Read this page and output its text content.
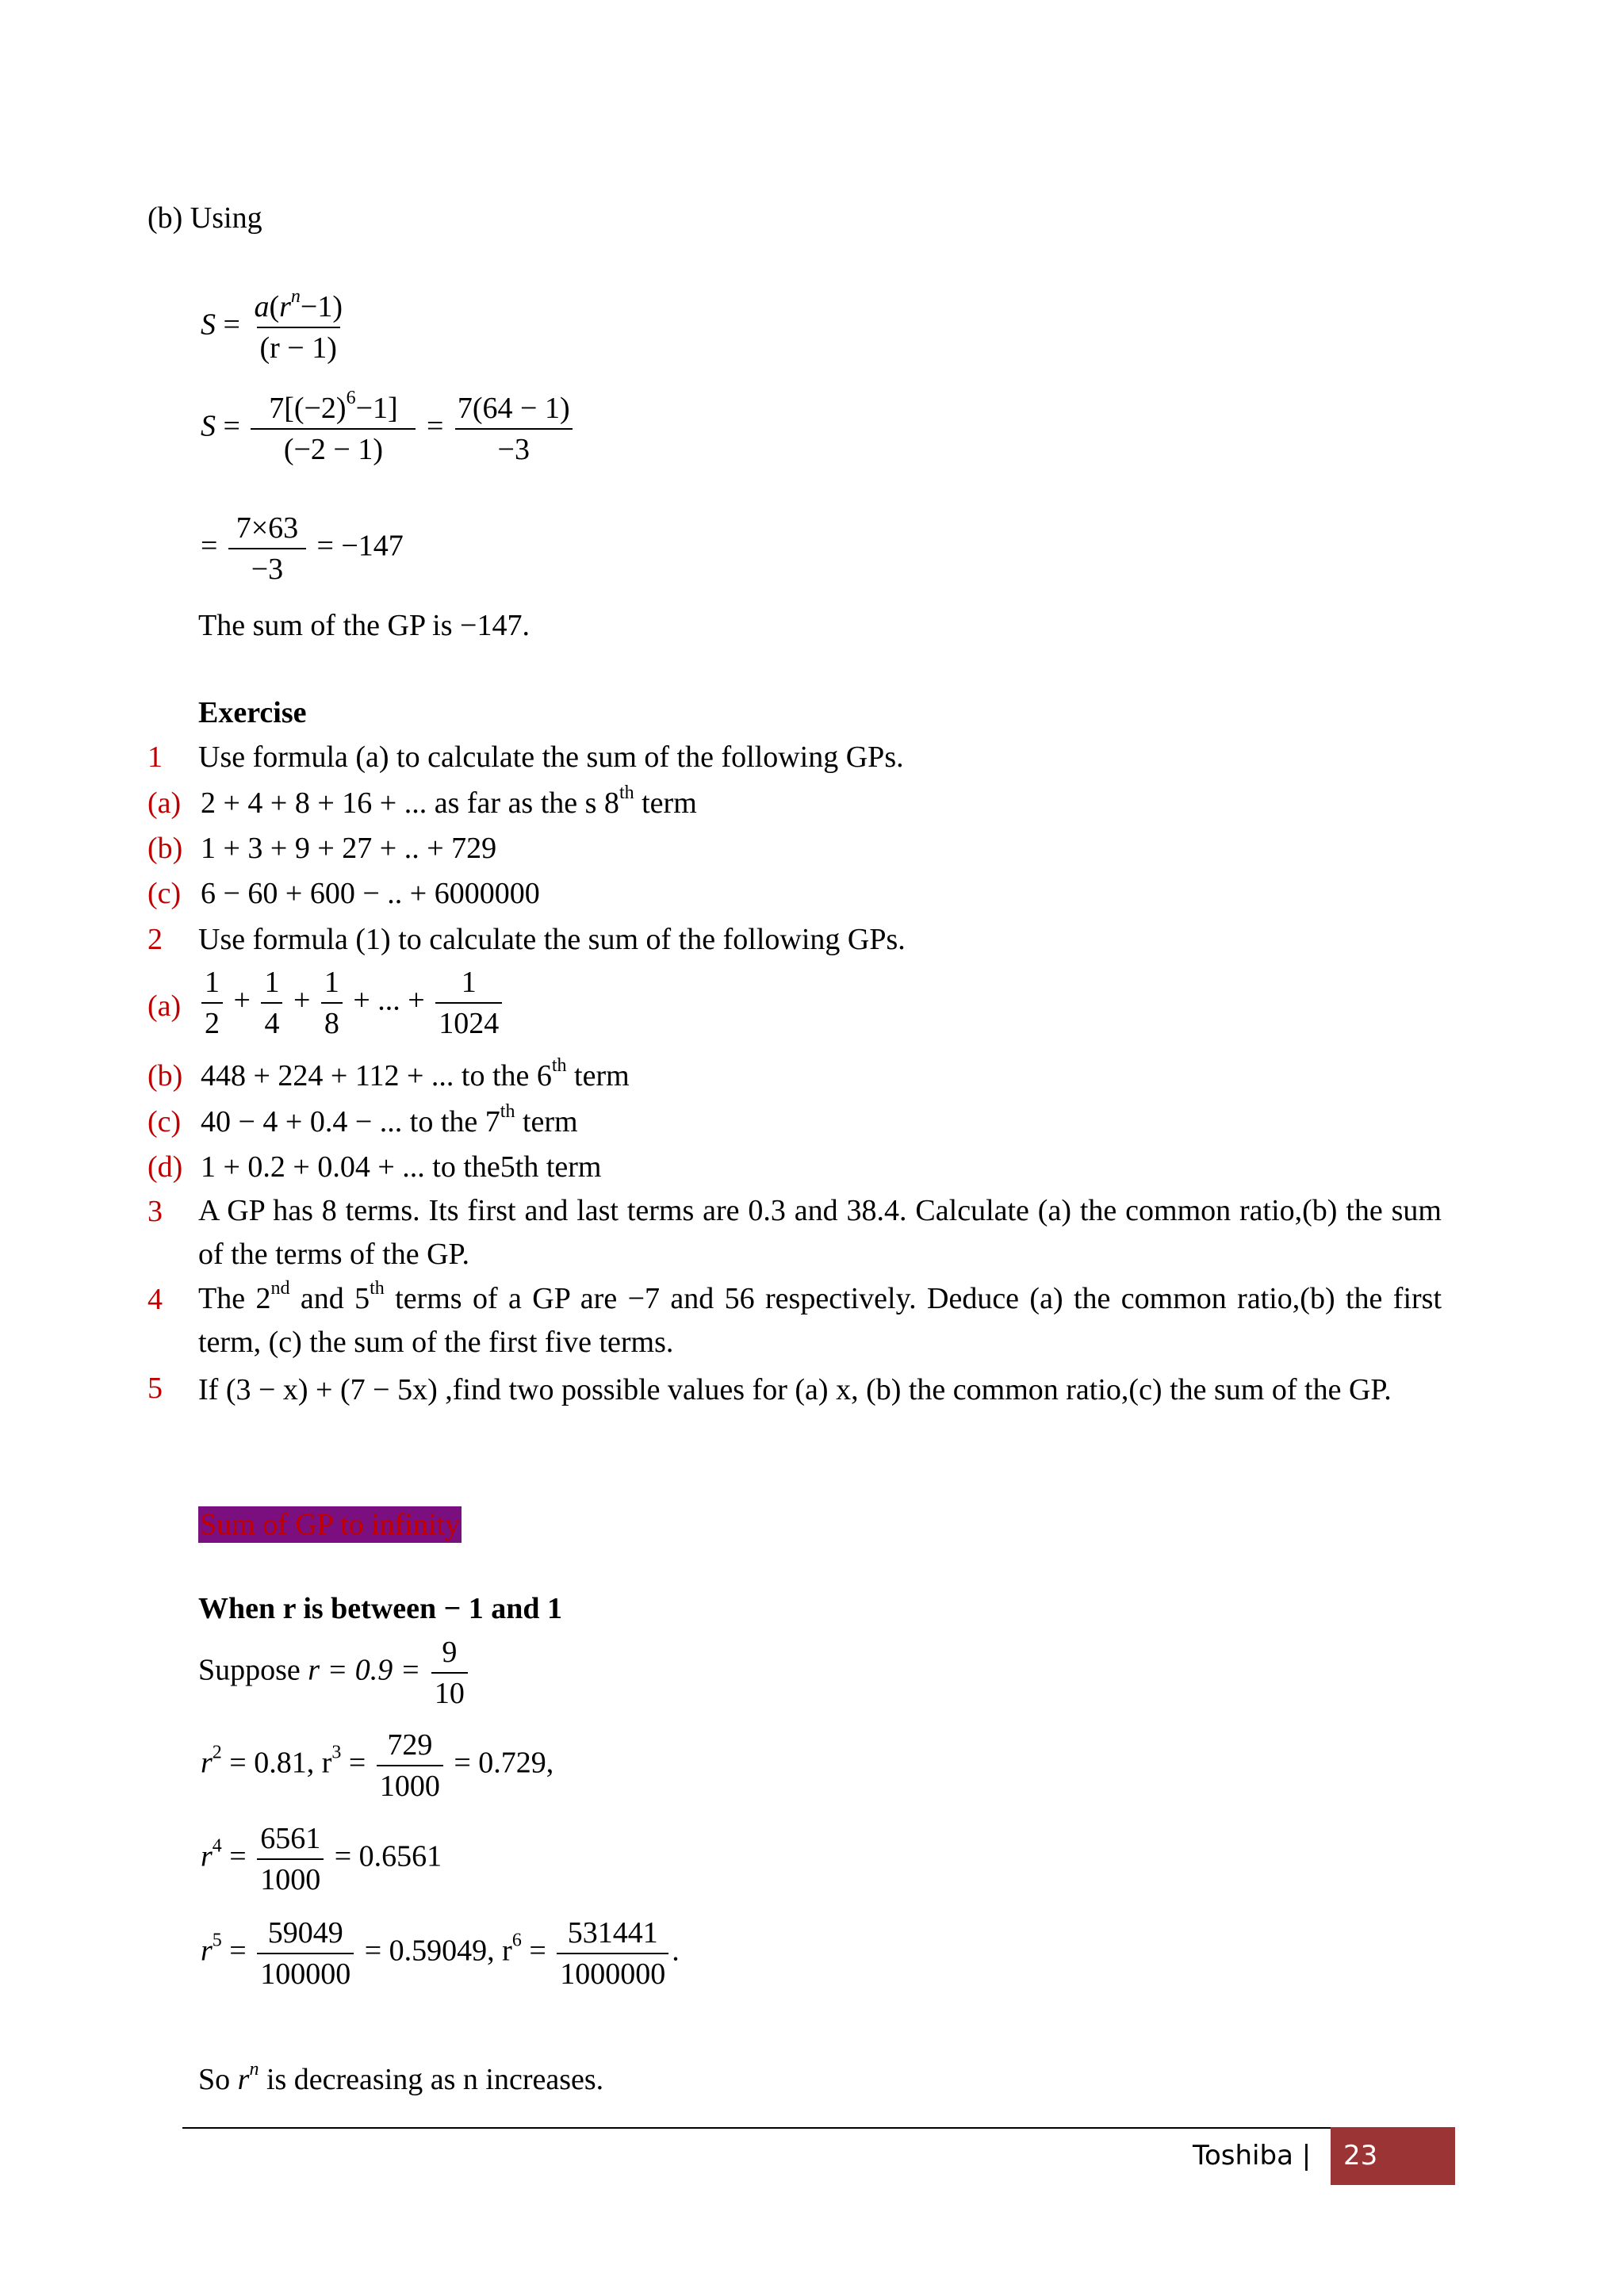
(b) Using
$S = \frac{a(r^n-1)}{(r - 1)}$
$S = \frac{7[(-2)^6-1]}{(-2 - 1)} = \frac{7(64 - 1)}{-3}$
= $\frac{7\times 63}{-3} = -147$
The sum of the GP is −147.
Exercise
1 Use formula (a) to calculate the sum of the following GPs.
(a) 2 + 4 + 8 + 16 + ... as far as the s 8th term
(b) 1 + 3 + 9 + 27 + .. + 729
(c) 6 − 60 + 600 − .. + 6000000
2 Use formula (1) to calculate the sum of the following GPs.
$(a) \frac{1}{2} + \frac{1}{4} + \frac{1}{8}$ + ... + $\frac{1}{1024}$
(b) 448 + 224 + 112 + ... to the 6th term
(c) 40 − 4 + 0.4 − ... to the 7th term
(d) 1 + 0.2 + 0.04 + ... to the5th term
3 A GP has 8 terms. Its first and last terms are 0.3 and 38.4. Calculate (a) the common ratio,(b) the sum of the terms of the GP.
4 The 2nd and 5th terms of a GP are −7 and 56 respectively. Deduce (a) the common ratio,(b) the first term, (c) the sum of the first five terms.
5 If (3 − x) + (7 − 5x) ,find two possible values for (a) x, (b) the common ratio,(c) the sum of the GP.
Sum of GP to infinity
When r is between − 1 and 1
Suppose $r = 0.9 = \frac{9}{10}$
$r^2 = 0.81$, $r^3 = \frac{729}{1000} = 0.729$,
$r^4 = \frac{6561}{1000} = 0.6561$
$r^5 = \frac{59049}{100000} = 0.59049$, $r^6 = \frac{531441}{1000000}$ .
So $r^n$ is decreasing as n increases.
Toshiba | 23
